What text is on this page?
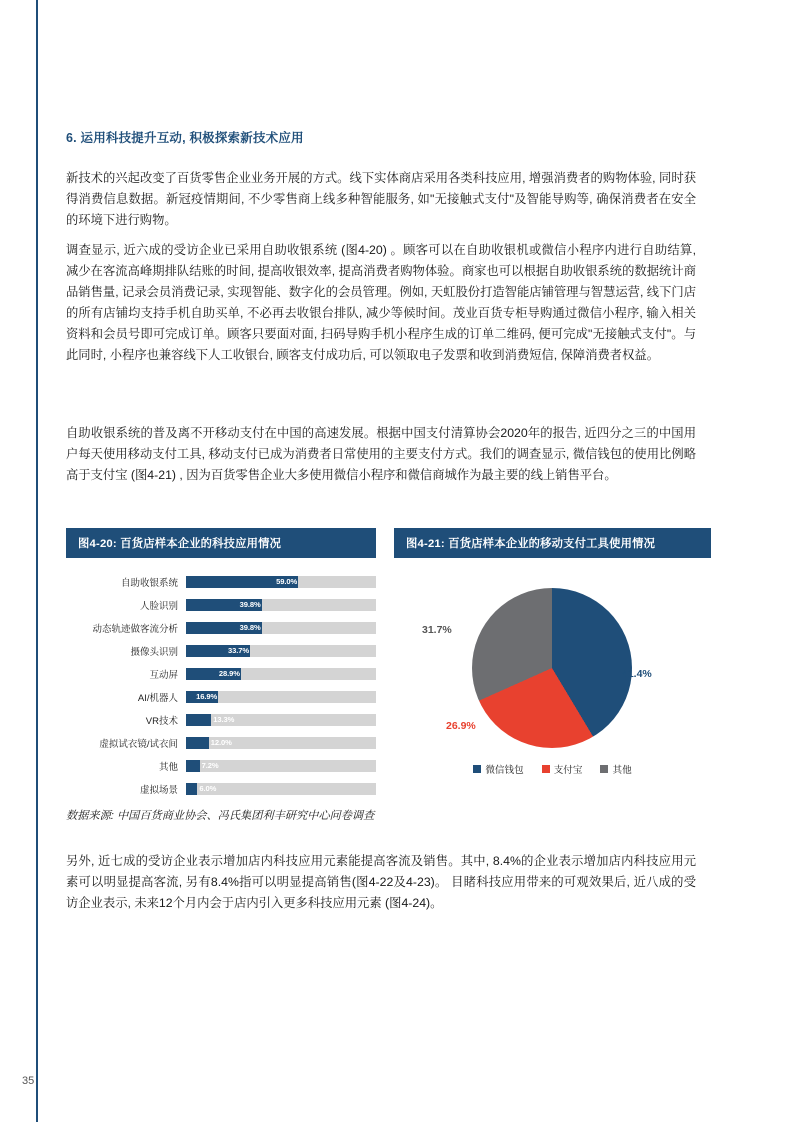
6. 运用科技提升互动, 积极探索新技术应用

新技术的兴起改变了百货零售企业业务开展的方式。线下实体商店采用各类科技应用, 增强消费者的购物体验, 同时获得消费信息数据。新冠疫情期间, 不少零售商上线多种智能服务, 如"无接触式支付"及智能导购等, 确保消费者在安全的环境下进行购物。

调查显示, 近六成的受访企业已采用自助收银系统 (图4-20) 。顾客可以在自助收银机或微信小程序内进行自助结算, 减少在客流高峰期排队结账的时间, 提高收银效率, 提高消费者购物体验。商家也可以根据自助收银系统的数据统计商品销售量, 记录会员消费记录, 实现智能、数字化的会员管理。例如, 天虹股份打造智能店铺管理与智慧运营, 线下门店的所有店铺均支持手机自助买单, 不必再去收银台排队, 减少等候时间。茂业百货专柜导购通过微信小程序, 输入相关资料和会员号即可完成订单。顾客只要面对面, 扫码导购手机小程序生成的订单二维码, 便可完成"无接触式支付"。与此同时, 小程序也兼容线下人工收银台, 顾客支付成功后, 可以领取电子发票和收到消费短信, 保障消费者权益。

自助收银系统的普及离不开移动支付在中国的高速发展。根据中国支付清算协会2020年的报告, 近四分之三的中国用户每天使用移动支付工具, 移动支付已成为消费者日常使用的主要支付方式。我们的调查显示, 微信钱包的使用比例略高于支付宝 (图4-21) , 因为百货零售企业大多使用微信小程序和微信商城作为最主要的线上销售平台。

图4-20: 百货店样本企业的科技应用情况
自助收银系统	59.0%
人脸识别	39.8%
动态轨迹做客流分析	39.8%
摄像头识别	33.7%
互动屏	28.9%
AI/机器人	16.9%
VR技术	13.3%
虚拟试衣镜/试衣间	12.0%
其他	7.2%
虚拟场景	6.0%
图4-21: 百货店样本企业的移动支付工具使用情况
41.4%
26.9%
31.7%
微信钱包	支付宝	其他
数据来源: 中国百货商业协会、冯氏集团利丰研究中心问卷调查

另外, 近七成的受访企业表示增加店内科技应用元素能提高客流及销售。其中, 8.4%的企业表示增加店内科技应用元素可以明显提高客流, 另有8.4%指可以明显提高销售(图4-22及4-23)。 目睹科技应用带来的可观效果后, 近八成的受访企业表示, 未来12个月内会于店内引入更多科技应用元素 (图4-24)。

35
